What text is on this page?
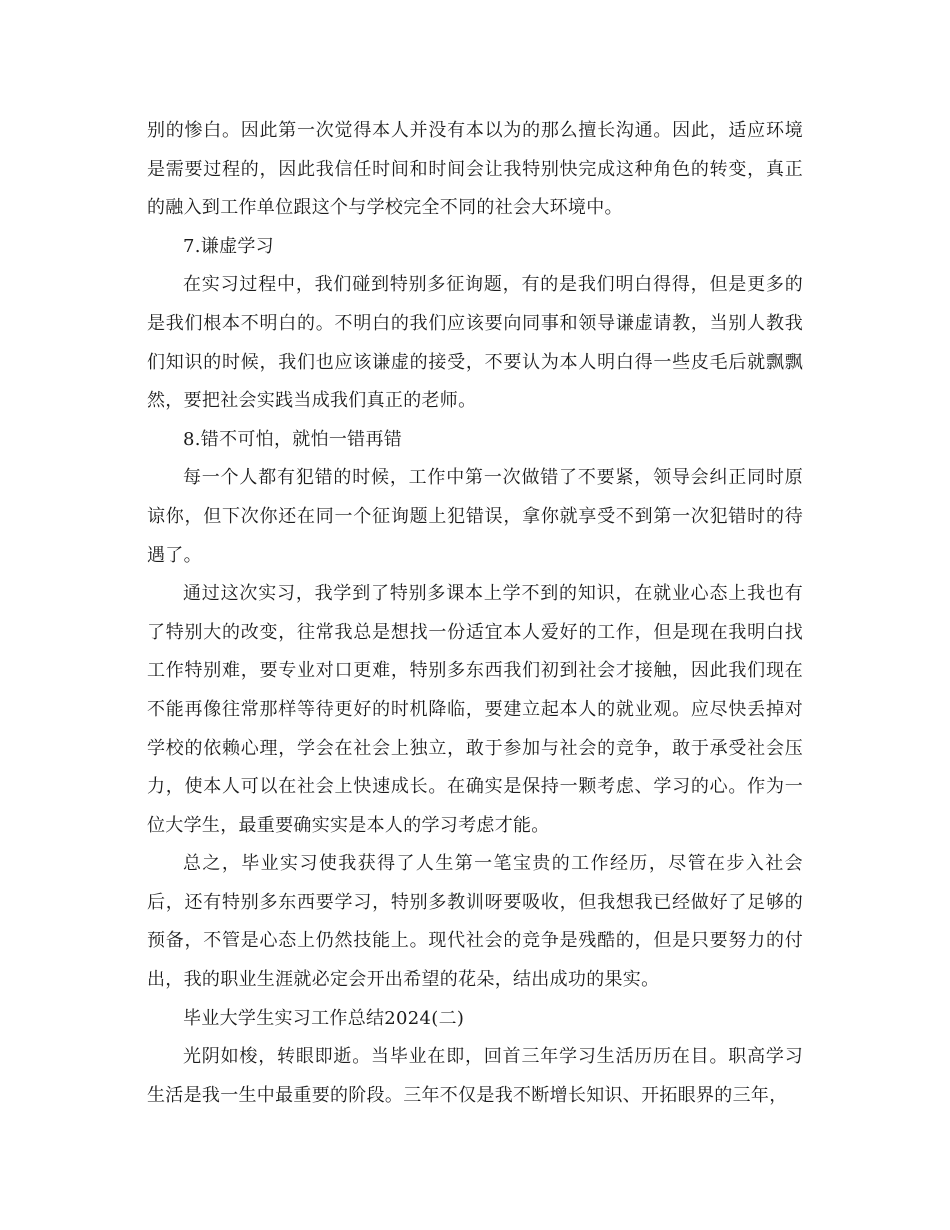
别的惨白。因此第一次觉得本人并没有本以为的那么擅长沟通。因此，适应环境是需要过程的，因此我信任时间和时间会让我特别快完成这种角色的转变，真正的融入到工作单位跟这个与学校完全不同的社会大环境中。

7.谦虚学习

在实习过程中，我们碰到特别多征询题，有的是我们明白得得，但是更多的是我们根本不明白的。不明白的我们应该要向同事和领导谦虚请教，当别人教我们知识的时候，我们也应该谦虚的接受，不要认为本人明白得一些皮毛后就飘飘然，要把社会实践当成我们真正的老师。

8.错不可怕，就怕一错再错

每一个人都有犯错的时候，工作中第一次做错了不要紧，领导会纠正同时原谅你，但下次你还在同一个征询题上犯错误，拿你就享受不到第一次犯错时的待遇了。

通过这次实习，我学到了特别多课本上学不到的知识，在就业心态上我也有了特别大的改变，往常我总是想找一份适宜本人爱好的工作，但是现在我明白找工作特别难，要专业对口更难，特别多东西我们初到社会才接触，因此我们现在不能再像往常那样等待更好的时机降临，要建立起本人的就业观。应尽快丢掉对学校的依赖心理，学会在社会上独立，敢于参加与社会的竞争，敢于承受社会压力，使本人可以在社会上快速成长。在确实是保持一颗考虑、学习的心。作为一位大学生，最重要确实实是本人的学习考虑才能。

总之，毕业实习使我获得了人生第一笔宝贵的工作经历，尽管在步入社会后，还有特别多东西要学习，特别多教训呀要吸收，但我想我已经做好了足够的预备，不管是心态上仍然技能上。现代社会的竞争是残酷的，但是只要努力的付出，我的职业生涯就必定会开出希望的花朵，结出成功的果实。

毕业大学生实习工作总结2024(二)

光阴如梭，转眼即逝。当毕业在即，回首三年学习生活历历在目。职高学习生活是我一生中最重要的阶段。三年不仅是我不断增长知识、开拓眼界的三年，
